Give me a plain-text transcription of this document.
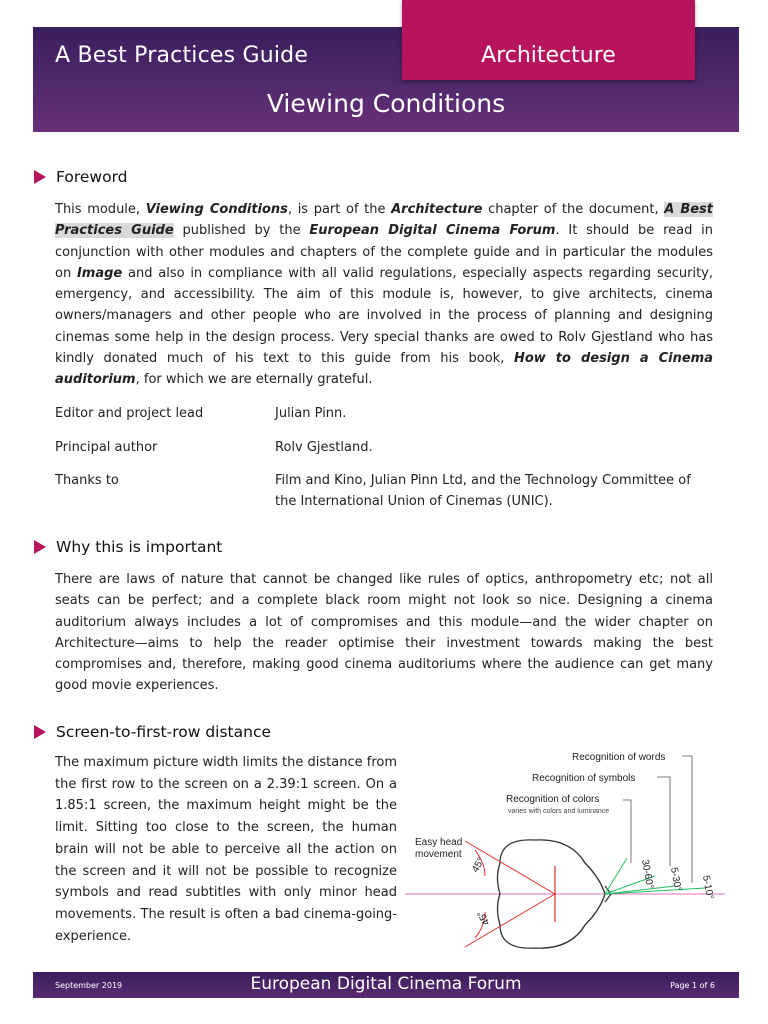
A Best Practices Guide
Viewing Conditions
Architecture
Foreword
This module, Viewing Conditions, is part of the Architecture chapter of the document, A Best Practices Guide published by the European Digital Cinema Forum. It should be read in conjunction with other modules and chapters of the complete guide and in particular the modules on Image and also in compliance with all valid regulations, especially aspects regarding security, emergency, and accessibility. The aim of this module is, however, to give architects, cinema owners/managers and other people who are involved in the process of planning and designing cinemas some help in the design process. Very special thanks are owed to Rolv Gjestland who has kindly donated much of his text to this guide from his book, How to design a Cinema auditorium, for which we are eternally grateful.
Editor and project lead	Julian Pinn.
Principal author	Rolv Gjestland.
Thanks to	Film and Kino, Julian Pinn Ltd, and the Technology Committee of the International Union of Cinemas (UNIC).
Why this is important
There are laws of nature that cannot be changed like rules of optics, anthropometry etc; not all seats can be perfect; and a complete black room might not look so nice. Designing a cinema auditorium always includes a lot of compromises and this module—and the wider chapter on Architecture—aims to help the reader optimise their investment towards making the best compromises and, therefore, making good cinema auditoriums where the audience can get many good movie experiences.
Screen-to-first-row distance
The maximum picture width limits the distance from the first row to the screen on a 2.39:1 screen. On a 1.85:1 screen, the maximum height might be the limit. Sitting too close to the screen, the human brain will not be able to perceive all the action on the screen and it will not be possible to recognize symbols and read subtitles with only minor head movements. The result is often a bad cinema-going-experience.
Recognition of words
Recognition of symbols
Recognition of colors
varies with colors and luminance
Easy head
movement
45°
45°
30-60° 5-30° 5-10°
September 2019	European Digital Cinema Forum	Page 1 of 6
